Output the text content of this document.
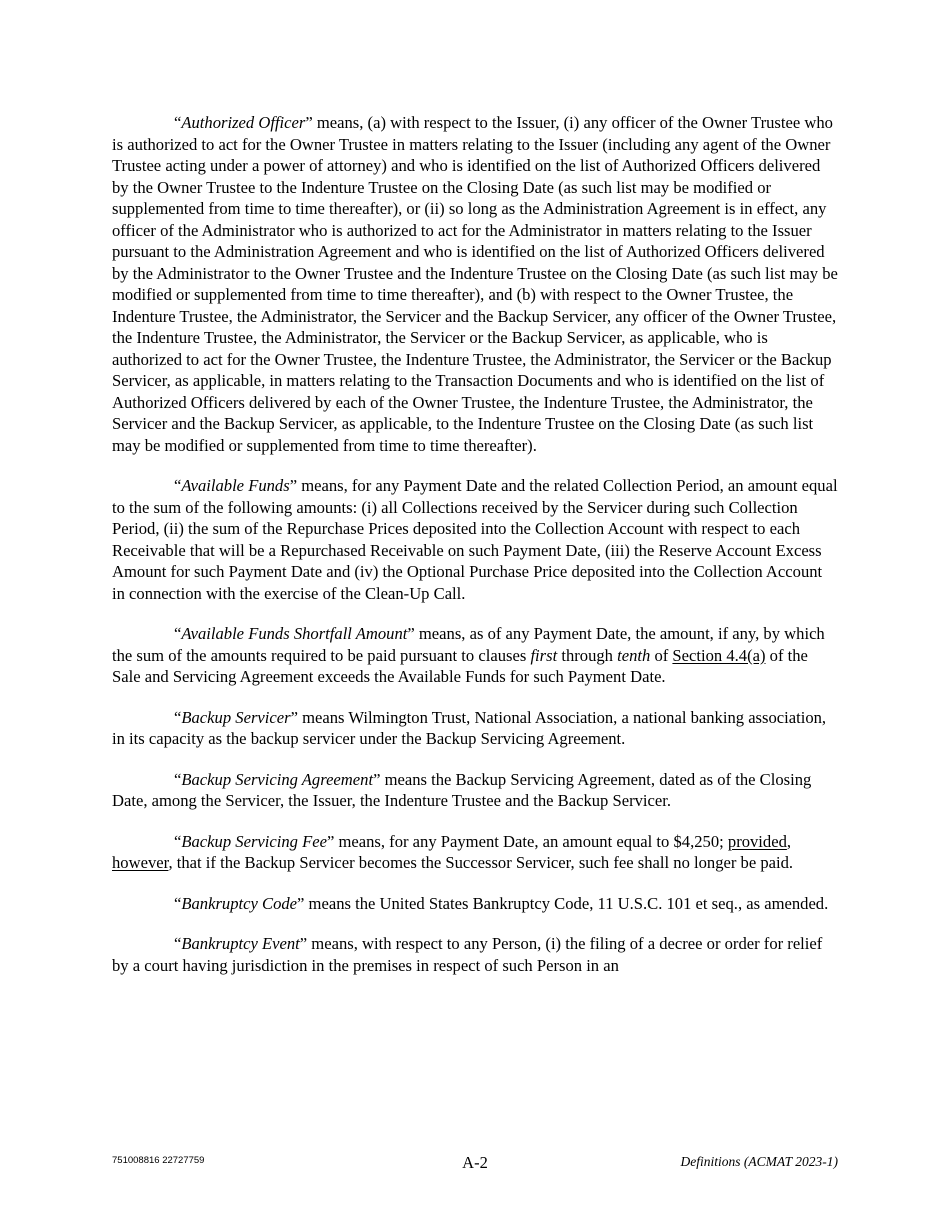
“Authorized Officer” means, (a) with respect to the Issuer, (i) any officer of the Owner Trustee who is authorized to act for the Owner Trustee in matters relating to the Issuer (including any agent of the Owner Trustee acting under a power of attorney) and who is identified on the list of Authorized Officers delivered by the Owner Trustee to the Indenture Trustee on the Closing Date (as such list may be modified or supplemented from time to time thereafter), or (ii) so long as the Administration Agreement is in effect, any officer of the Administrator who is authorized to act for the Administrator in matters relating to the Issuer pursuant to the Administration Agreement and who is identified on the list of Authorized Officers delivered by the Administrator to the Owner Trustee and the Indenture Trustee on the Closing Date (as such list may be modified or supplemented from time to time thereafter), and (b) with respect to the Owner Trustee, the Indenture Trustee, the Administrator, the Servicer and the Backup Servicer, any officer of the Owner Trustee, the Indenture Trustee, the Administrator, the Servicer or the Backup Servicer, as applicable, who is authorized to act for the Owner Trustee, the Indenture Trustee, the Administrator, the Servicer or the Backup Servicer, as applicable, in matters relating to the Transaction Documents and who is identified on the list of Authorized Officers delivered by each of the Owner Trustee, the Indenture Trustee, the Administrator, the Servicer and the Backup Servicer, as applicable, to the Indenture Trustee on the Closing Date (as such list may be modified or supplemented from time to time thereafter).

“Available Funds” means, for any Payment Date and the related Collection Period, an amount equal to the sum of the following amounts: (i) all Collections received by the Servicer during such Collection Period, (ii) the sum of the Repurchase Prices deposited into the Collection Account with respect to each Receivable that will be a Repurchased Receivable on such Payment Date, (iii) the Reserve Account Excess Amount for such Payment Date and (iv) the Optional Purchase Price deposited into the Collection Account in connection with the exercise of the Clean-Up Call.

“Available Funds Shortfall Amount” means, as of any Payment Date, the amount, if any, by which the sum of the amounts required to be paid pursuant to clauses first through tenth of Section 4.4(a) of the Sale and Servicing Agreement exceeds the Available Funds for such Payment Date.

“Backup Servicer” means Wilmington Trust, National Association, a national banking association, in its capacity as the backup servicer under the Backup Servicing Agreement.

“Backup Servicing Agreement” means the Backup Servicing Agreement, dated as of the Closing Date, among the Servicer, the Issuer, the Indenture Trustee and the Backup Servicer.

“Backup Servicing Fee” means, for any Payment Date, an amount equal to $4,250; provided, however, that if the Backup Servicer becomes the Successor Servicer, such fee shall no longer be paid.

“Bankruptcy Code” means the United States Bankruptcy Code, 11 U.S.C. 101 et seq., as amended.

“Bankruptcy Event” means, with respect to any Person, (i) the filing of a decree or order for relief by a court having jurisdiction in the premises in respect of such Person in an

751008816 22727759	A-2	Definitions (ACMAT 2023-1)
